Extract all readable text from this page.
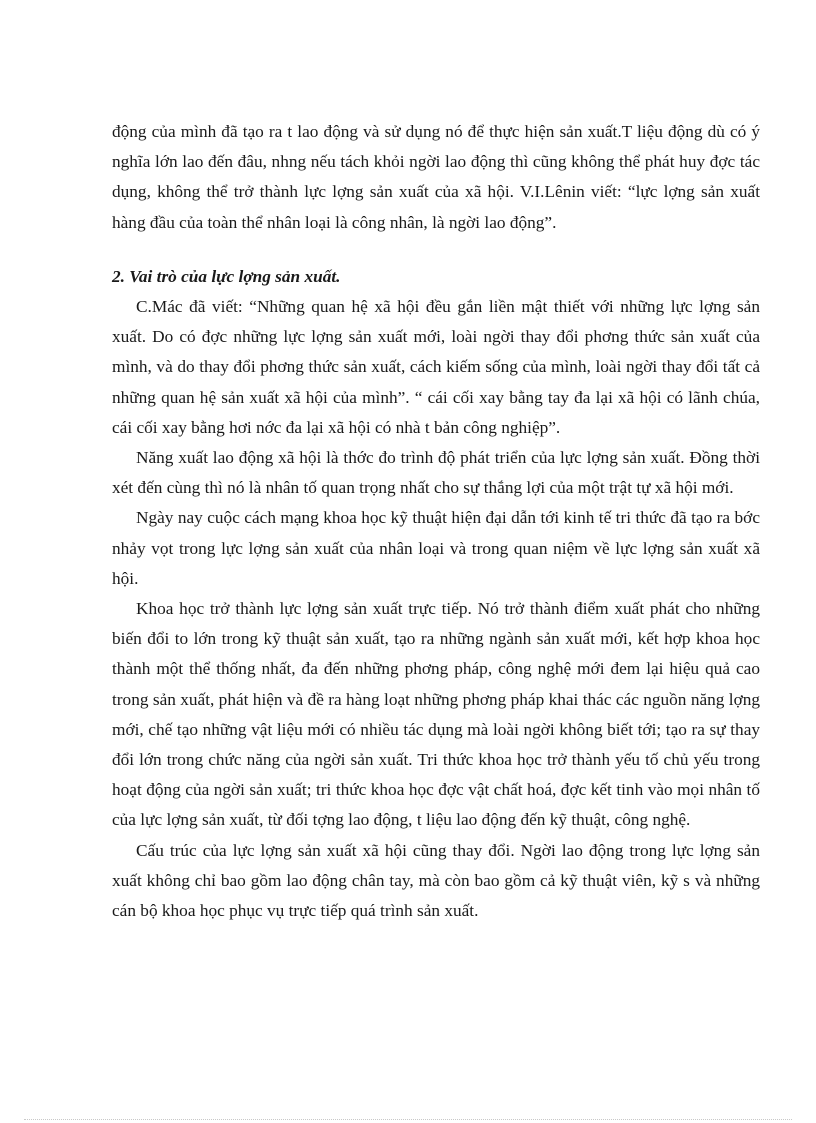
động của mình đã tạo ra t lao động và sử dụng nó để thực hiện sản xuất.T liệu động dù có ý nghĩa lớn lao đến đâu, nhng nếu tách khỏi ngời lao động thì cũng không thể phát huy đợc tác dụng, không thể trở thành lực lợng sản xuất của xã hội. V.I.Lênin viết: “lực lợng sản xuất hàng đầu của toàn thể nhân loại là công nhân, là ngời lao động”.

2. Vai trò của lực lợng sản xuất.

C.Mác đã viết: “Những quan hệ xã hội đều gắn liền mật thiết với những lực lợng sản xuất. Do có đợc những lực lợng sản xuất mới, loài ngời thay đổi phơng thức sản xuất của mình, và do thay đổi phơng thức sản xuất, cách kiếm sống của mình, loài ngời thay đổi tất cả những quan hệ sản xuất xã hội của mình”. “ cái cối xay bằng tay đa lại xã hội có lãnh chúa, cái cối xay bằng hơi nớc đa lại xã hội có nhà t bản công nghiệp”.

Năng xuất lao động xã hội là thớc đo trình độ phát triển của lực lợng sản xuất. Đồng thời xét đến cùng thì nó là nhân tố quan trọng nhất cho sự thắng lợi của một trật tự xã hội mới.

Ngày nay cuộc cách mạng khoa học kỹ thuật hiện đại dẫn tới kinh tế tri thức đã tạo ra bớc nhảy vọt trong lực lợng sản xuất của nhân loại và trong quan niệm về lực lợng sản xuất xã hội.

Khoa học trở thành lực lợng sản xuất trực tiếp. Nó trở thành điểm xuất phát cho những biến đổi to lớn trong kỹ thuật sản xuất, tạo ra những ngành sản xuất mới, kết hợp khoa học thành một thể thống nhất, đa đến những phơng pháp, công nghệ mới đem lại hiệu quả cao trong sản xuất, phát hiện và đề ra hàng loạt những phơng pháp khai thác các nguồn năng lợng mới, chế tạo những vật liệu mới có nhiều tác dụng mà loài ngời không biết tới; tạo ra sự thay đổi lớn trong chức năng của ngời sản xuất. Tri thức khoa học trở thành yếu tố chủ yếu trong hoạt động của ngời sản xuất; tri thức khoa học đợc vật chất hoá, đợc kết tinh vào mọi nhân tố của lực lợng sản xuất, từ đối tợng lao động, t liệu lao động đến kỹ thuật, công nghệ.

Cấu trúc của lực lợng sản xuất xã hội cũng thay đổi. Ngời lao động trong lực lợng sản xuất không chỉ bao gồm lao động chân tay, mà còn bao gồm cả kỹ thuật viên, kỹ s và những cán bộ khoa học phục vụ trực tiếp quá trình sản xuất.
